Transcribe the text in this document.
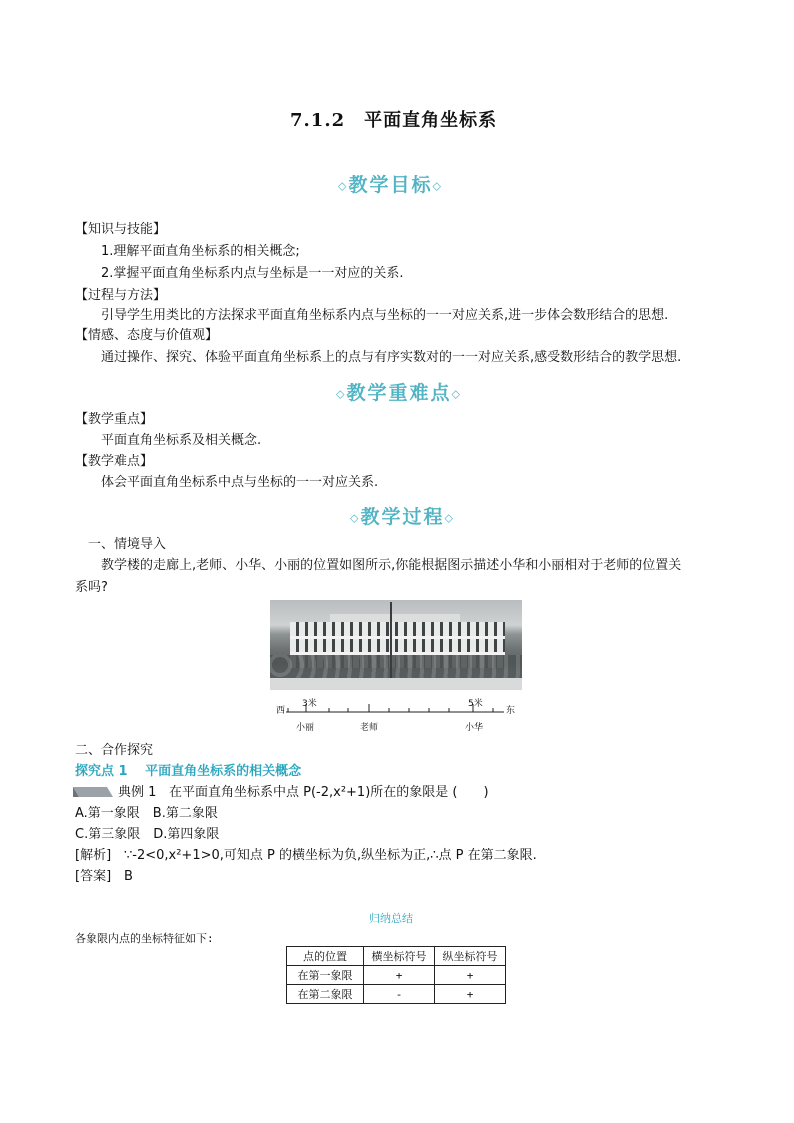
7.1.2　平面直角坐标系
◇教学目标◇
【知识与技能】
1.理解平面直角坐标系的相关概念;
2.掌握平面直角坐标系内点与坐标是一一对应的关系.
【过程与方法】
引导学生用类比的方法探求平面直角坐标系内点与坐标的一一对应关系,进一步体会数形结合的思想.
【情感、态度与价值观】
通过操作、探究、体验平面直角坐标系上的点与有序实数对的一一对应关系,感受数形结合的教学思想.
◇教学重难点◇
【教学重点】
平面直角坐标系及相关概念.
【教学难点】
体会平面直角坐标系中点与坐标的一一对应关系.
◇教学过程◇
一、情境导入
教学楼的走廊上,老师、小华、小丽的位置如图所示,你能根据图示描述小华和小丽相对于老师的位置关
系吗?
西	东
3米	5米
小丽	老师	小华
二、合作探究
探究点 1　 平面直角坐标系的相关概念
典例 1 在平面直角坐标系中点 P(-2,x²+1)所在的象限是 (　　)
A.第一象限　B.第二象限
C.第三象限　D.第四象限
[解析] ∵-2<0,x²+1>0,可知点 P 的横坐标为负,纵坐标为正,∴点 P 在第二象限.
[答案] B
归纳总结
各象限内点的坐标特征如下:
点的位置	横坐标符号	纵坐标符号
在第一象限	+	+
在第二象限	-	+
